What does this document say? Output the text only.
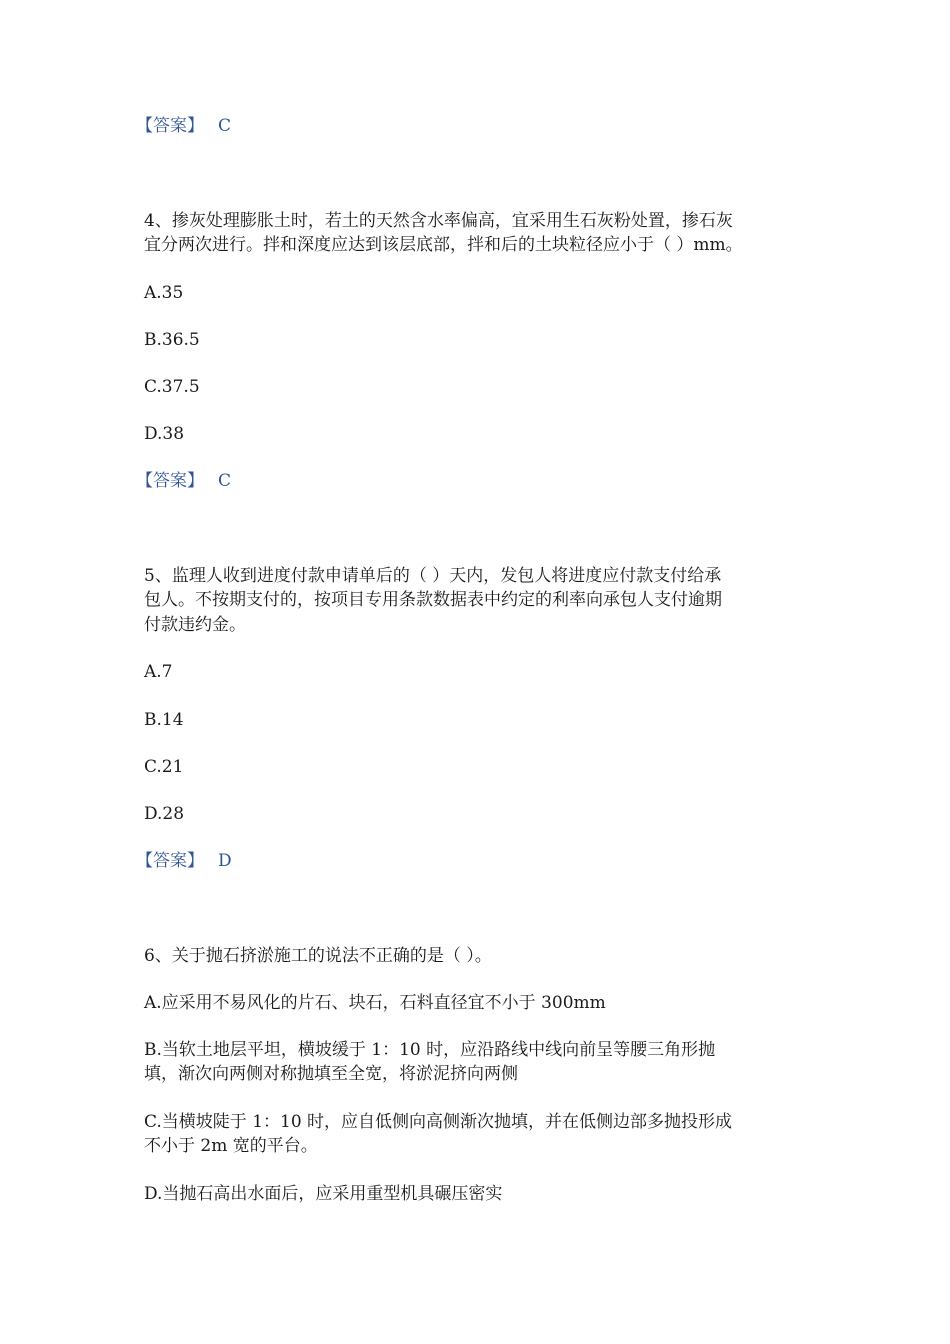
【答案】 C
4、掺灰处理膨胀土时，若土的天然含水率偏高，宜采用生石灰粉处置，掺石灰
宜分两次进行。拌和深度应达到该层底部，拌和后的土块粒径应小于（ ）mm。
A.35
B.36.5
C.37.5
D.38
【答案】 C
5、监理人收到进度付款申请单后的（ ）天内，发包人将进度应付款支付给承
包人。不按期支付的，按项目专用条款数据表中约定的利率向承包人支付逾期
付款违约金。
A.7
B.14
C.21
D.28
【答案】 D
6、关于抛石挤淤施工的说法不正确的是（ ）。
A.应采用不易风化的片石、块石，石料直径宜不小于 300mm
B.当软土地层平坦，横坡缓于 1：10 时，应沿路线中线向前呈等腰三角形抛
填，渐次向两侧对称抛填至全宽，将淤泥挤向两侧
C.当横坡陡于 1：10 时，应自低侧向高侧渐次抛填，并在低侧边部多抛投形成
不小于 2m 宽的平台。
D.当抛石高出水面后，应采用重型机具碾压密实
